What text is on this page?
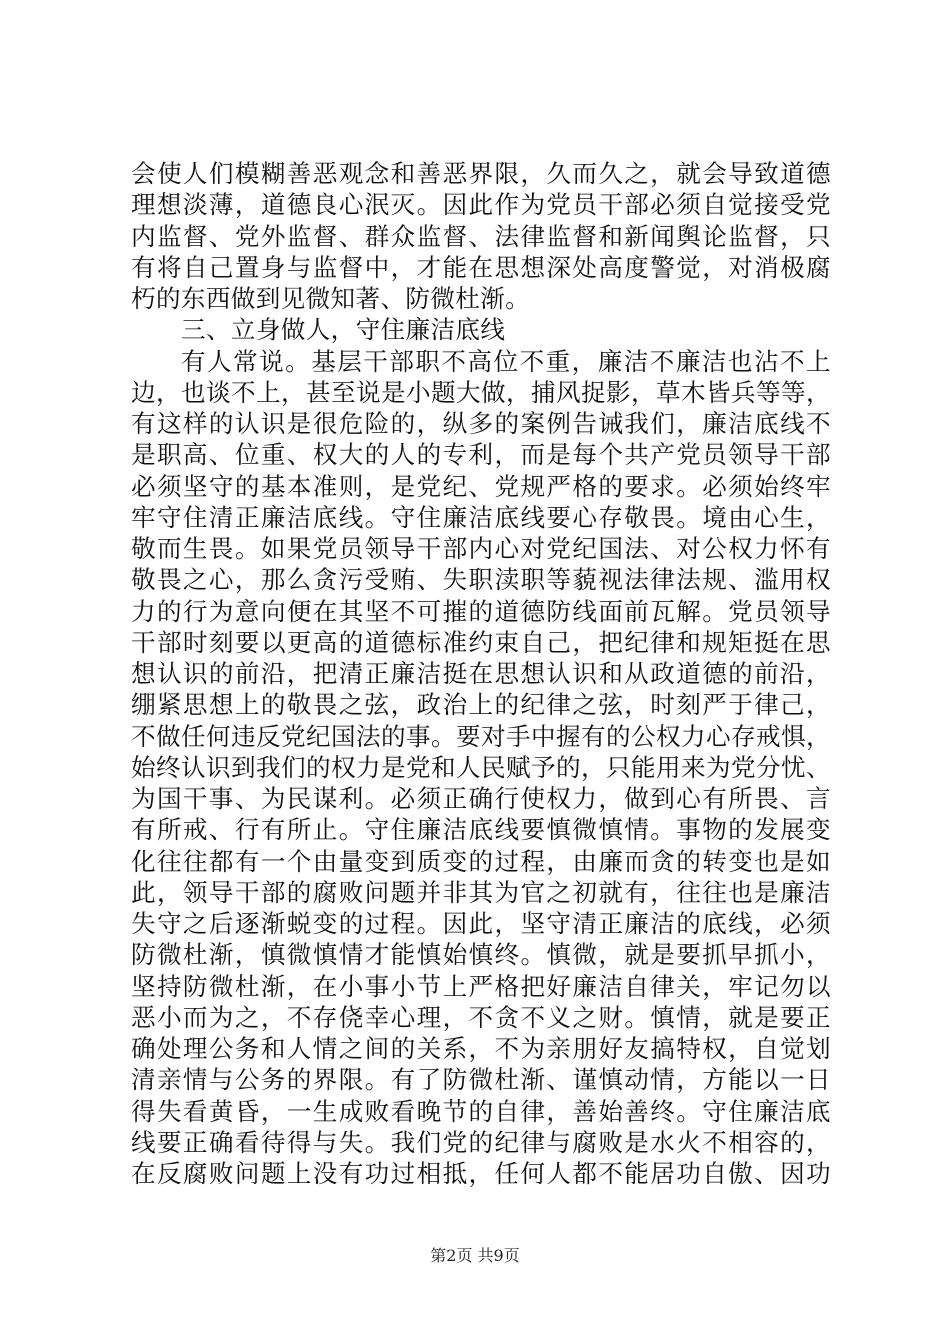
会使人们模糊善恶观念和善恶界限，久而久之，就会导致道德
理想淡薄，道德良心泯灭。因此作为党员干部必须自觉接受党
内监督、党外监督、群众监督、法律监督和新闻舆论监督，只
有将自己置身与监督中，才能在思想深处高度警觉，对消极腐
朽的东西做到见微知著、防微杜渐。
三、立身做人，守住廉洁底线
有人常说。基层干部职不高位不重，廉洁不廉洁也沾不上
边，也谈不上，甚至说是小题大做，捕风捉影，草木皆兵等等，
有这样的认识是很危险的，纵多的案例告诫我们，廉洁底线不
是职高、位重、权大的人的专利，而是每个共产党员领导干部
必须坚守的基本准则，是党纪、党规严格的要求。必须始终牢
牢守住清正廉洁底线。守住廉洁底线要心存敬畏。境由心生，
敬而生畏。如果党员领导干部内心对党纪国法、对公权力怀有
敬畏之心，那么贪污受贿、失职渎职等藐视法律法规、滥用权
力的行为意向便在其坚不可摧的道德防线面前瓦解。党员领导
干部时刻要以更高的道德标准约束自己，把纪律和规矩挺在思
想认识的前沿，把清正廉洁挺在思想认识和从政道德的前沿，
绷紧思想上的敬畏之弦，政治上的纪律之弦，时刻严于律己，
不做任何违反党纪国法的事。要对手中握有的公权力心存戒惧，
始终认识到我们的权力是党和人民赋予的，只能用来为党分忧、
为国干事、为民谋利。必须正确行使权力，做到心有所畏、言
有所戒、行有所止。守住廉洁底线要慎微慎情。事物的发展变
化往往都有一个由量变到质变的过程，由廉而贪的转变也是如
此，领导干部的腐败问题并非其为官之初就有，往往也是廉洁
失守之后逐渐蜕变的过程。因此，坚守清正廉洁的底线，必须
防微杜渐，慎微慎情才能慎始慎终。慎微，就是要抓早抓小，
坚持防微杜渐，在小事小节上严格把好廉洁自律关，牢记勿以
恶小而为之，不存侥幸心理，不贪不义之财。慎情，就是要正
确处理公务和人情之间的关系，不为亲朋好友搞特权，自觉划
清亲情与公务的界限。有了防微杜渐、谨慎动情，方能以一日
得失看黄昏，一生成败看晚节的自律，善始善终。守住廉洁底
线要正确看待得与失。我们党的纪律与腐败是水火不相容的，
在反腐败问题上没有功过相抵，任何人都不能居功自傲、因功
第2页 共9页
